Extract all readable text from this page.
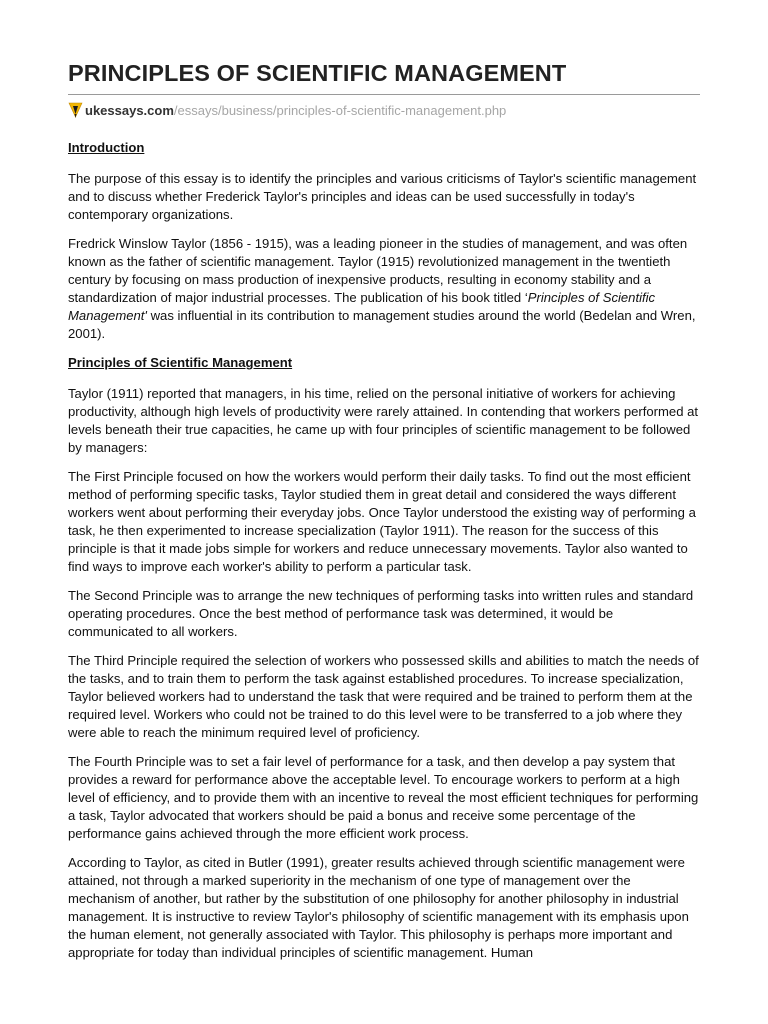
PRINCIPLES OF SCIENTIFIC MANAGEMENT
ukessays.com /essays/business/principles-of-scientific-management.php
Introduction

The purpose of this essay is to identify the principles and various criticisms of Taylor's scientific management and to discuss whether Frederick Taylor's principles and ideas can be used successfully in today's contemporary organizations.

Fredrick Winslow Taylor (1856 - 1915), was a leading pioneer in the studies of management, and was often known as the father of scientific management. Taylor (1915) revolutionized management in the twentieth century by focusing on mass production of inexpensive products, resulting in economy stability and a standardization of major industrial processes. The publication of his book titled ‘Principles of Scientific Management' was influential in its contribution to management studies around the world (Bedelan and Wren, 2001).

Principles of Scientific Management

Taylor (1911) reported that managers, in his time, relied on the personal initiative of workers for achieving productivity, although high levels of productivity were rarely attained. In contending that workers performed at levels beneath their true capacities, he came up with four principles of scientific management to be followed by managers:

The First Principle focused on how the workers would perform their daily tasks. To find out the most efficient method of performing specific tasks, Taylor studied them in great detail and considered the ways different workers went about performing their everyday jobs. Once Taylor understood the existing way of performing a task, he then experimented to increase specialization (Taylor 1911). The reason for the success of this principle is that it made jobs simple for workers and reduce unnecessary movements. Taylor also wanted to find ways to improve each worker's ability to perform a particular task.

The Second Principle was to arrange the new techniques of performing tasks into written rules and standard operating procedures. Once the best method of performance task was determined, it would be communicated to all workers.

The Third Principle required the selection of workers who possessed skills and abilities to match the needs of the tasks, and to train them to perform the task against established procedures. To increase specialization, Taylor believed workers had to understand the task that were required and be trained to perform them at the required level. Workers who could not be trained to do this level were to be transferred to a job where they were able to reach the minimum required level of proficiency.

The Fourth Principle was to set a fair level of performance for a task, and then develop a pay system that provides a reward for performance above the acceptable level. To encourage workers to perform at a high level of efficiency, and to provide them with an incentive to reveal the most efficient techniques for performing a task, Taylor advocated that workers should be paid a bonus and receive some percentage of the performance gains achieved through the more efficient work process.

According to Taylor, as cited in Butler (1991), greater results achieved through scientific management were attained, not through a marked superiority in the mechanism of one type of management over the mechanism of another, but rather by the substitution of one philosophy for another philosophy in industrial management. It is instructive to review Taylor's philosophy of scientific management with its emphasis upon the human element, not generally associated with Taylor. This philosophy is perhaps more important and appropriate for today than individual principles of scientific management. Human
